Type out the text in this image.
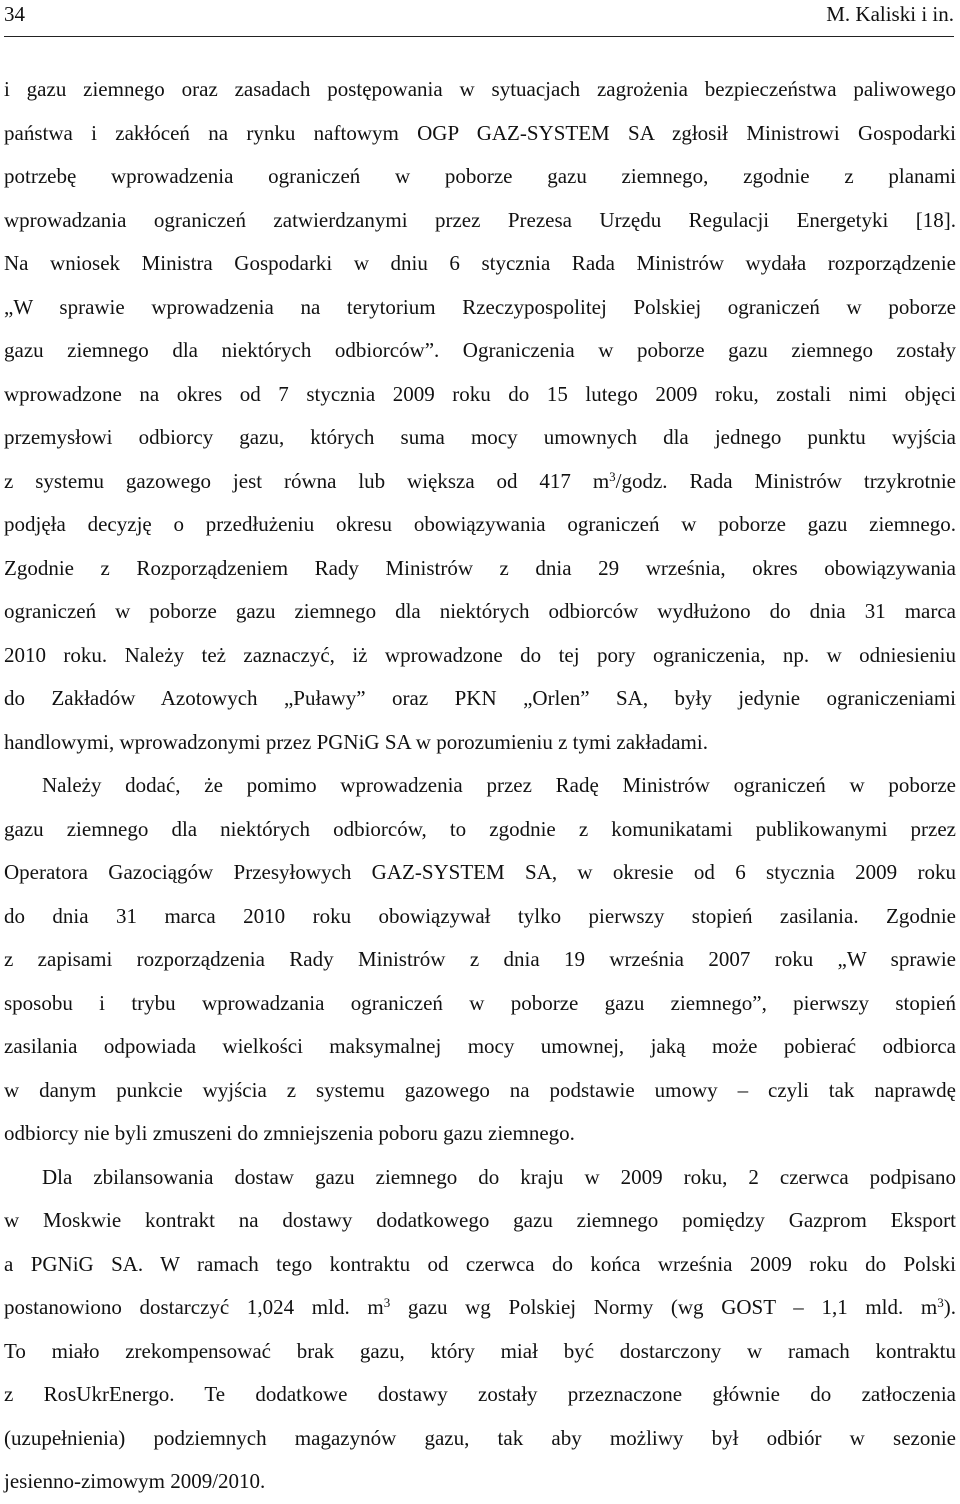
34	M. Kaliski i in.
i gazu ziemnego oraz zasadach postępowania w sytuacjach zagrożenia bezpieczeństwa paliwowego
państwa i zakłóceń na rynku naftowym OGP GAZ-SYSTEM SA zgłosił Ministrowi Gospodarki
potrzebę wprowadzenia ograniczeń w poborze gazu ziemnego, zgodnie z planami
wprowadzania ograniczeń zatwierdzanymi przez Prezesa Urzędu Regulacji Energetyki [18].
Na wniosek Ministra Gospodarki w dniu 6 stycznia Rada Ministrów wydała rozporządzenie
„W sprawie wprowadzenia na terytorium Rzeczypospolitej Polskiej ograniczeń w poborze
gazu ziemnego dla niektórych odbiorców”. Ograniczenia w poborze gazu ziemnego zostały
wprowadzone na okres od 7 stycznia 2009 roku do 15 lutego 2009 roku, zostali nimi objęci
przemysłowi odbiorcy gazu, których suma mocy umownych dla jednego punktu wyjścia
z systemu gazowego jest równa lub większa od 417 $m^3$/godz. Rada Ministrów trzykrotnie
podjęła decyzję o przedłużeniu okresu obowiązywania ograniczeń w poborze gazu ziemnego.
Zgodnie z Rozporządzeniem Rady Ministrów z dnia 29 września, okres obowiązywania
ograniczeń w poborze gazu ziemnego dla niektórych odbiorców wydłużono do dnia 31 marca
2010 roku. Należy też zaznaczyć, iż wprowadzone do tej pory ograniczenia, np. w odniesieniu
do Zakładów Azotowych „Puławy” oraz PKN „Orlen” SA, były jedynie ograniczeniami
handlowymi, wprowadzonymi przez PGNiG SA w porozumieniu z tymi zakładami.
Należy dodać, że pomimo wprowadzenia przez Radę Ministrów ograniczeń w poborze
gazu ziemnego dla niektórych odbiorców, to zgodnie z komunikatami publikowanymi przez
Operatora Gazociągów Przesyłowych GAZ-SYSTEM SA, w okresie od 6 stycznia 2009 roku
do dnia 31 marca 2010 roku obowiązywał tylko pierwszy stopień zasilania. Zgodnie
z zapisami rozporządzenia Rady Ministrów z dnia 19 września 2007 roku „W sprawie
sposobu i trybu wprowadzania ograniczeń w poborze gazu ziemnego”, pierwszy stopień
zasilania odpowiada wielkości maksymalnej mocy umownej, jaką może pobierać odbiorca
w danym punkcie wyjścia z systemu gazowego na podstawie umowy – czyli tak naprawdę
odbiorcy nie byli zmuszeni do zmniejszenia poboru gazu ziemnego.
Dla zbilansowania dostaw gazu ziemnego do kraju w 2009 roku, 2 czerwca podpisano
w Moskwie kontrakt na dostawy dodatkowego gazu ziemnego pomiędzy Gazprom Eksport
a PGNiG SA. W ramach tego kontraktu od czerwca do końca września 2009 roku do Polski
postanowiono dostarczyć 1,024 mld. $m^3$ gazu wg Polskiej Normy (wg GOST – 1,1 mld. $m^3$).
To miało zrekompensować brak gazu, który miał być dostarczony w ramach kontraktu
z RosUkrEnergo. Te dodatkowe dostawy zostały przeznaczone głównie do zatłoczenia
(uzupełnienia) podziemnych magazynów gazu, tak aby możliwy był odbiór w sezonie
jesienno-zimowym 2009/2010.
